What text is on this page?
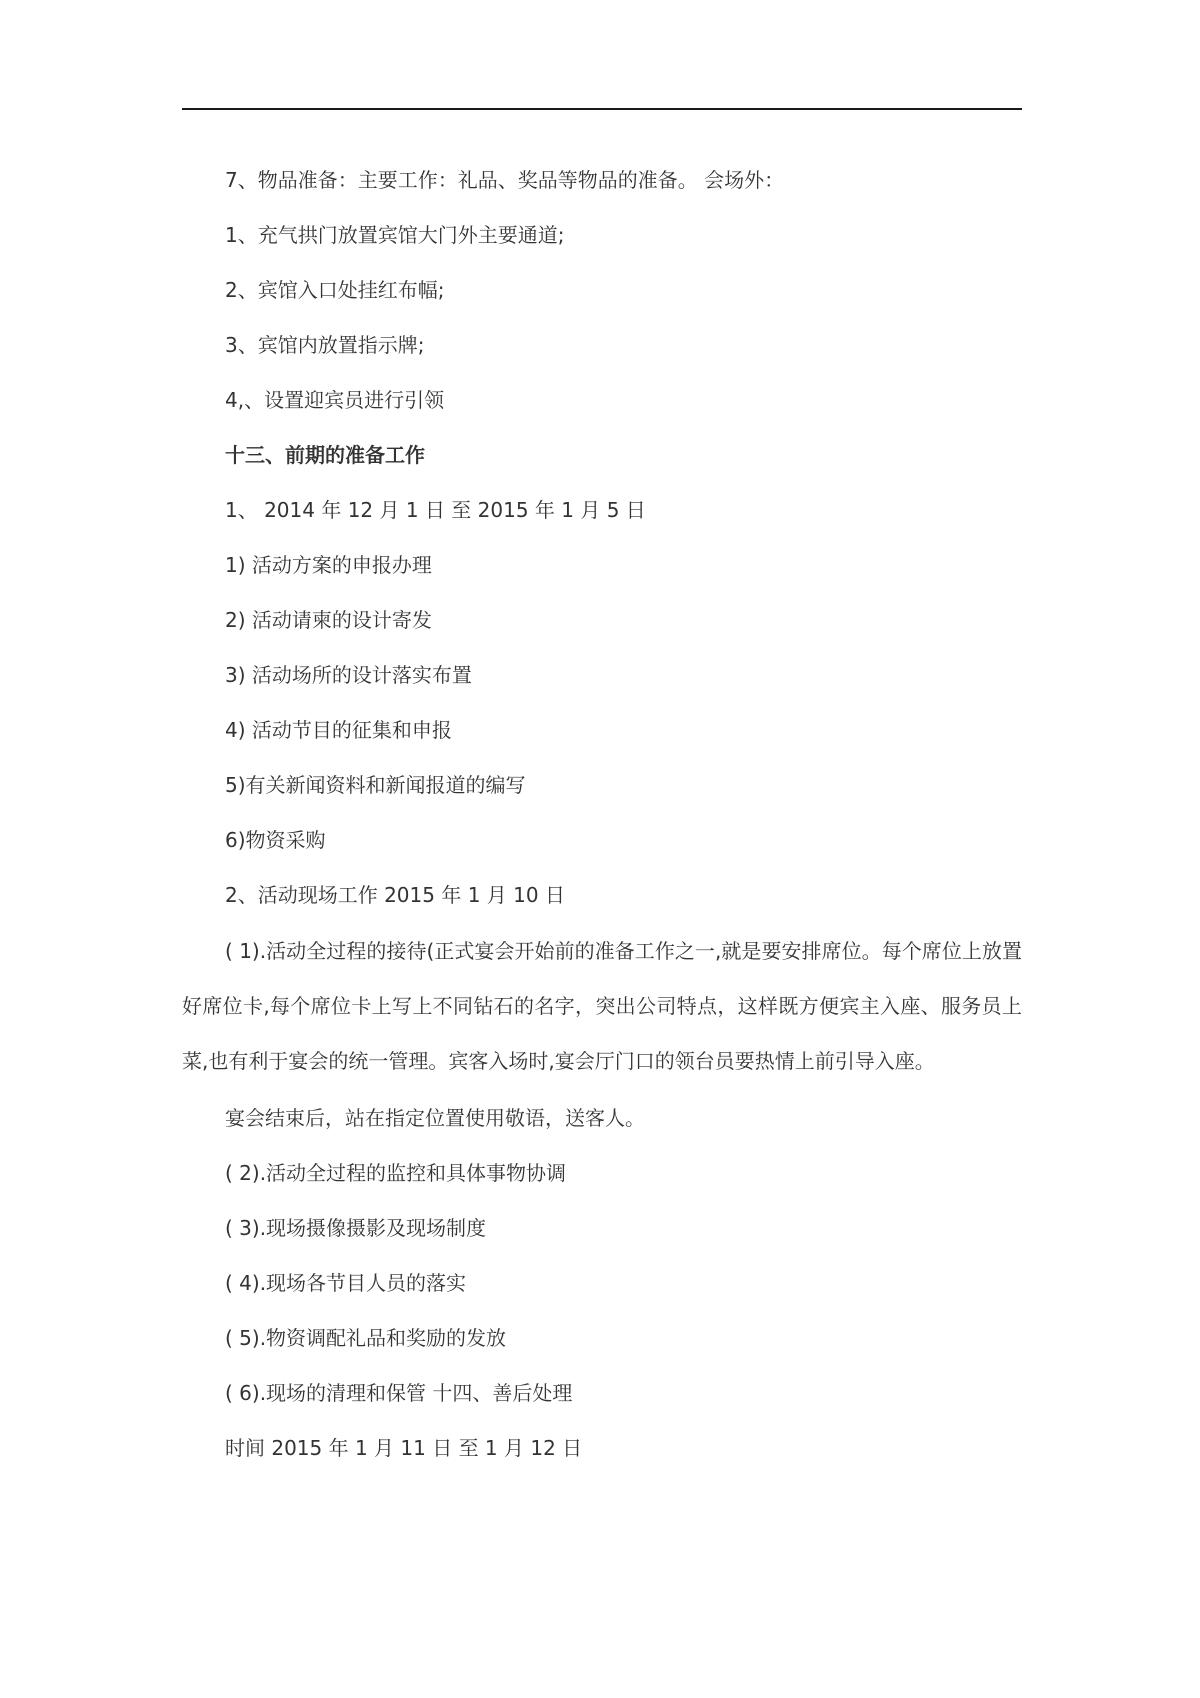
7、物品准备：主要工作：礼品、奖品等物品的准备。 会场外：
1、充气拱门放置宾馆大门外主要通道;
2、宾馆入口处挂红布幅;
3、宾馆内放置指示牌;
4,、设置迎宾员进行引领
十三、前期的准备工作
1、 2014 年 12 月 1 日 至 2015 年 1 月 5 日
1) 活动方案的申报办理
2) 活动请柬的设计寄发
3) 活动场所的设计落实布置
4) 活动节目的征集和申报
5)有关新闻资料和新闻报道的编写
6)物资采购
2、活动现场工作 2015 年 1 月 10 日
( 1).活动全过程的接待(正式宴会开始前的准备工作之一,就是要安排席位。每个席位上放置好席位卡,每个席位卡上写上不同钻石的名字，突出公司特点，这样既方便宾主入座、服务员上菜,也有利于宴会的统一管理。宾客入场时,宴会厅门口的领台员要热情上前引导入座。
宴会结束后，站在指定位置使用敬语，送客人。
( 2).活动全过程的监控和具体事物协调
( 3).现场摄像摄影及现场制度
( 4).现场各节目人员的落实
( 5).物资调配礼品和奖励的发放
( 6).现场的清理和保管 十四、善后处理
时间 2015 年 1 月 11 日 至 1 月 12 日
